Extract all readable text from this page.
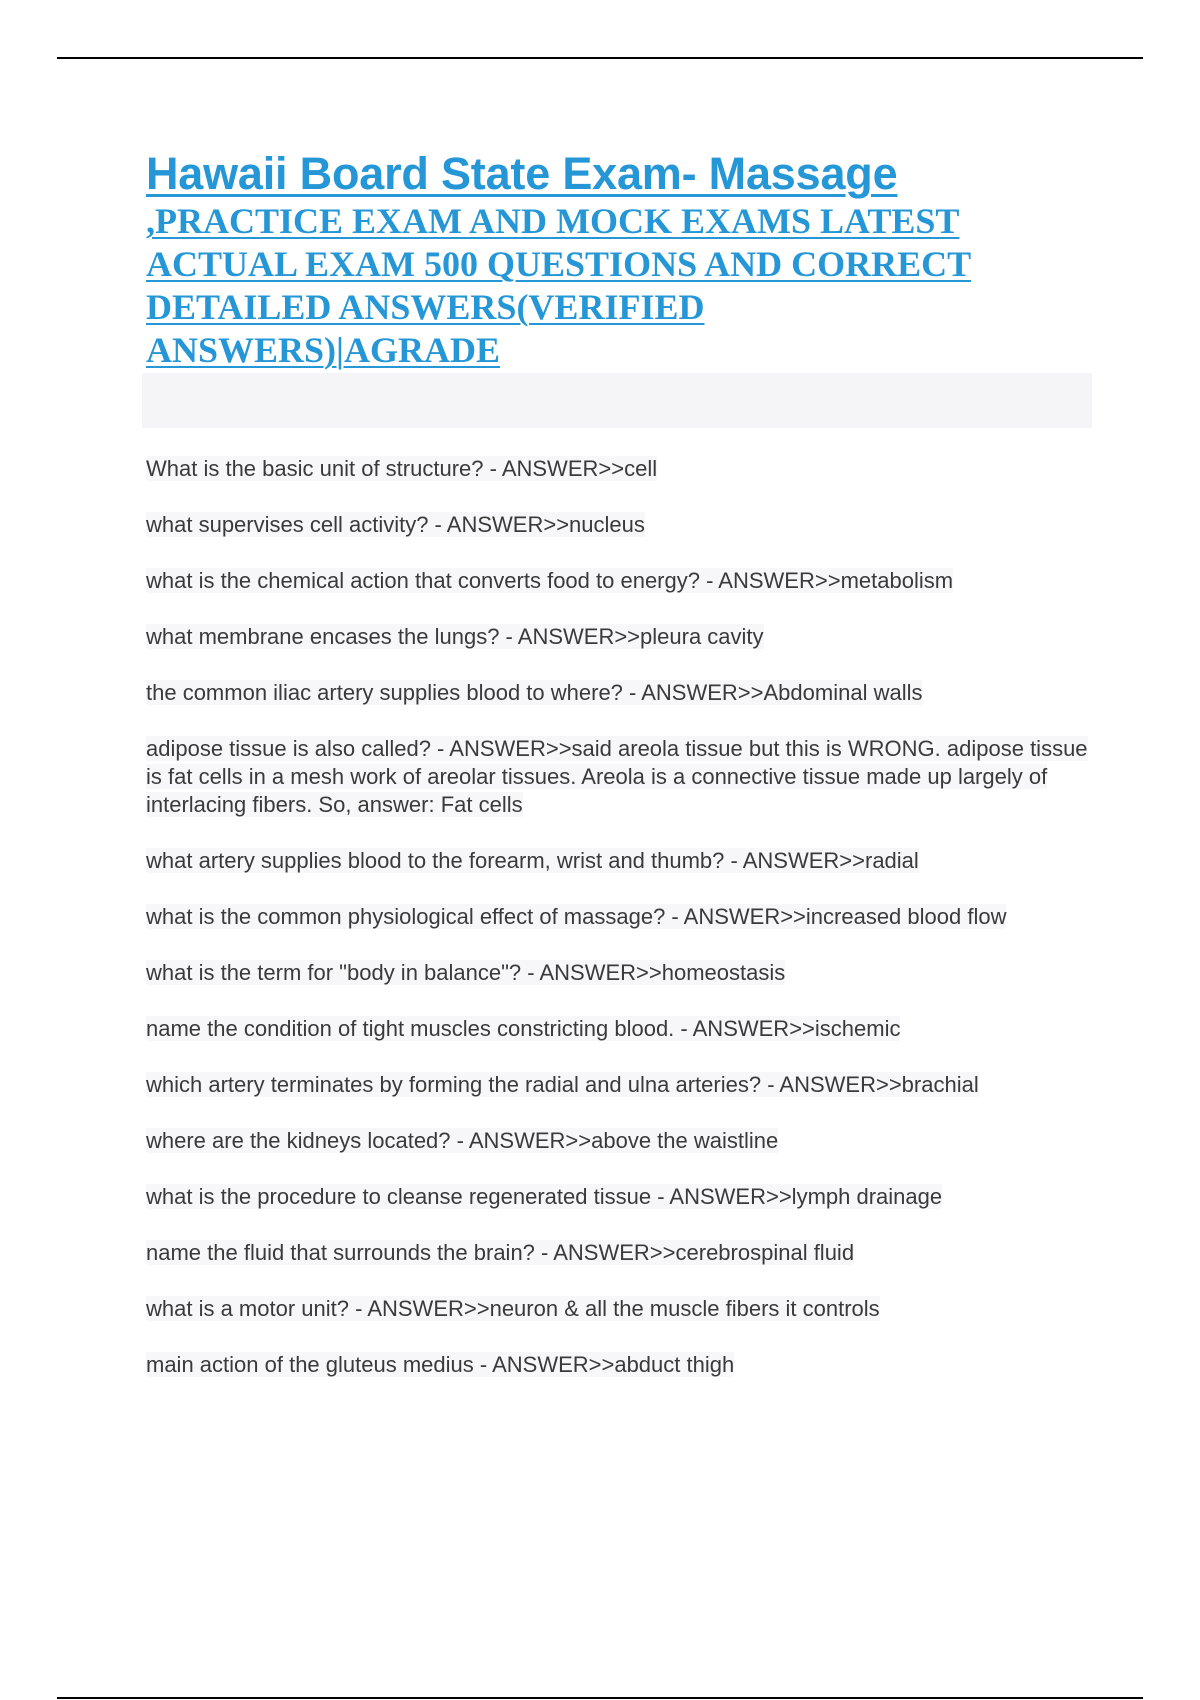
Hawaii Board State Exam- Massage

,PRACTICE EXAM AND MOCK EXAMS LATEST ACTUAL EXAM 500 QUESTIONS AND CORRECT DETAILED ANSWERS(VERIFIED ANSWERS)|AGRADE

What is the basic unit of structure? - ANSWER>>cell
what supervises cell activity? - ANSWER>>nucleus
what is the chemical action that converts food to energy? - ANSWER>>metabolism
what membrane encases the lungs? - ANSWER>>pleura cavity
the common iliac artery supplies blood to where? - ANSWER>>Abdominal walls
adipose tissue is also called? - ANSWER>>said areola tissue but this is WRONG. adipose tissue is fat cells in a mesh work of areolar tissues. Areola is a connective tissue made up largely of interlacing fibers. So, answer: Fat cells
what artery supplies blood to the forearm, wrist and thumb? - ANSWER>>radial
what is the common physiological effect of massage? - ANSWER>>increased blood flow
what is the term for "body in balance"? - ANSWER>>homeostasis
name the condition of tight muscles constricting blood. - ANSWER>>ischemic
which artery terminates by forming the radial and ulna arteries? - ANSWER>>brachial
where are the kidneys located? - ANSWER>>above the waistline
what is the procedure to cleanse regenerated tissue - ANSWER>>lymph drainage
name the fluid that surrounds the brain? - ANSWER>>cerebrospinal fluid
what is a motor unit? - ANSWER>>neuron & all the muscle fibers it controls
main action of the gluteus medius - ANSWER>>abduct thigh
